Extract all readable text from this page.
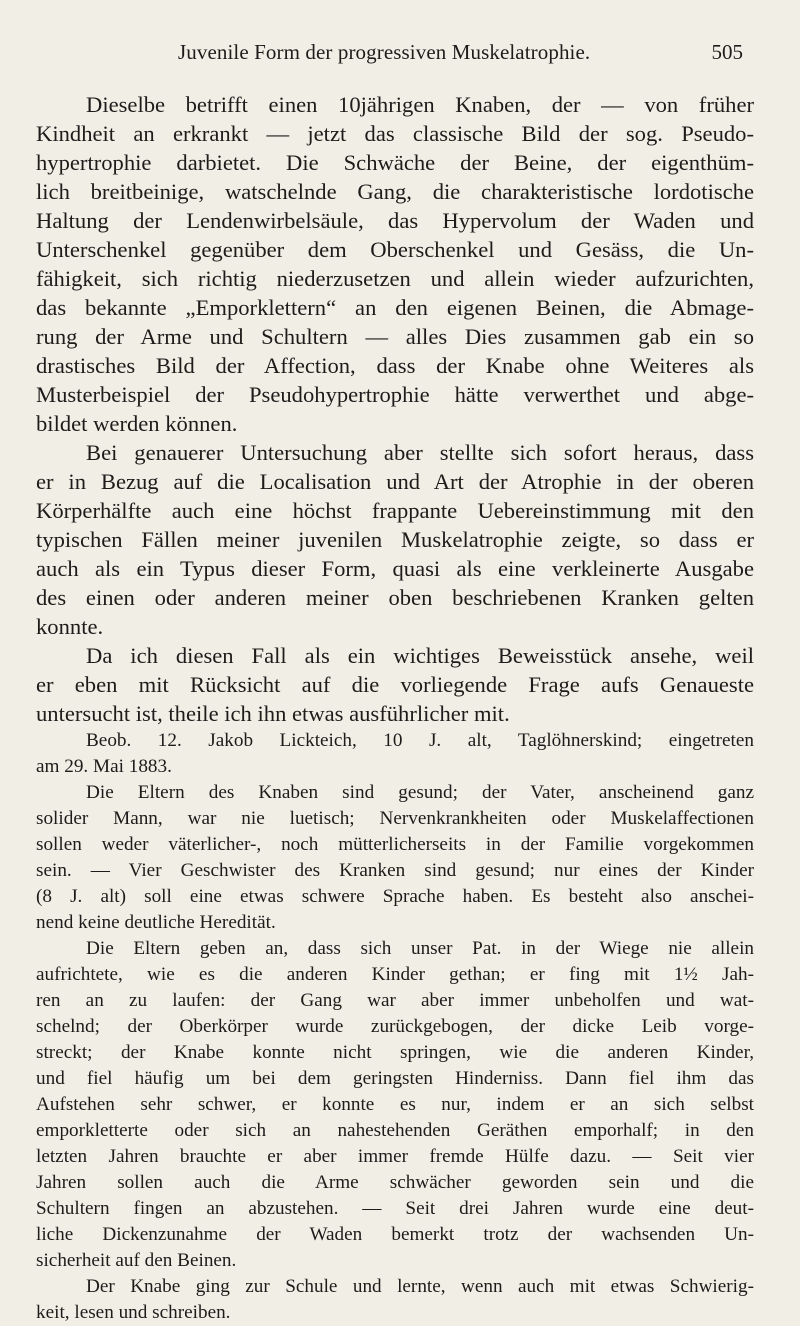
Juvenile Form der progressiven Muskelatrophie.	505
Dieselbe betrifft einen 10jährigen Knaben, der — von früher
Kindheit an erkrankt — jetzt das classische Bild der sog. Pseudo-
hypertrophie darbietet. Die Schwäche der Beine, der eigenthüm-
lich breitbeinige, watschelnde Gang, die charakteristische lordotische
Haltung der Lendenwirbelsäule, das Hypervolum der Waden und
Unterschenkel gegenüber dem Oberschenkel und Gesäss, die Un-
fähigkeit, sich richtig niederzusetzen und allein wieder aufzurichten,
das bekannte „Emporklettern“ an den eigenen Beinen, die Abmage-
rung der Arme und Schultern — alles Dies zusammen gab ein so
drastisches Bild der Affection, dass der Knabe ohne Weiteres als
Musterbeispiel der Pseudohypertrophie hätte verwerthet und abge-
bildet werden können.
Bei genauerer Untersuchung aber stellte sich sofort heraus, dass
er in Bezug auf die Localisation und Art der Atrophie in der oberen
Körperhälfte auch eine höchst frappante Uebereinstimmung mit den
typischen Fällen meiner juvenilen Muskelatrophie zeigte, so dass er
auch als ein Typus dieser Form, quasi als eine verkleinerte Ausgabe
des einen oder anderen meiner oben beschriebenen Kranken gelten
konnte.
Da ich diesen Fall als ein wichtiges Beweisstück ansehe, weil
er eben mit Rücksicht auf die vorliegende Frage aufs Genaueste
untersucht ist, theile ich ihn etwas ausführlicher mit.
Beob. 12. Jakob Lickteich, 10 J. alt, Taglöhnerskind; eingetreten
am 29. Mai 1883.
Die Eltern des Knaben sind gesund; der Vater, anscheinend ganz
solider Mann, war nie luetisch; Nervenkrankheiten oder Muskelaffectionen
sollen weder väterlicher-, noch mütterlicherseits in der Familie vorgekommen
sein. — Vier Geschwister des Kranken sind gesund; nur eines der Kinder
(8 J. alt) soll eine etwas schwere Sprache haben. Es besteht also anschei-
nend keine deutliche Heredität.
Die Eltern geben an, dass sich unser Pat. in der Wiege nie allein
aufrichtete, wie es die anderen Kinder gethan; er fing mit 1½ Jah-
ren an zu laufen: der Gang war aber immer unbeholfen und wat-
schelnd; der Oberkörper wurde zurückgebogen, der dicke Leib vorge-
streckt; der Knabe konnte nicht springen, wie die anderen Kinder,
und fiel häufig um bei dem geringsten Hinderniss. Dann fiel ihm das
Aufstehen sehr schwer, er konnte es nur, indem er an sich selbst
emporkletterte oder sich an nahestehenden Geräthen emporhalf; in den
letzten Jahren brauchte er aber immer fremde Hülfe dazu. — Seit vier
Jahren sollen auch die Arme schwächer geworden sein und die
Schultern fingen an abzustehen. — Seit drei Jahren wurde eine deut-
liche Dickenzunahme der Waden bemerkt trotz der wachsenden Un-
sicherheit auf den Beinen.
Der Knabe ging zur Schule und lernte, wenn auch mit etwas Schwierig-
keit, lesen und schreiben.
